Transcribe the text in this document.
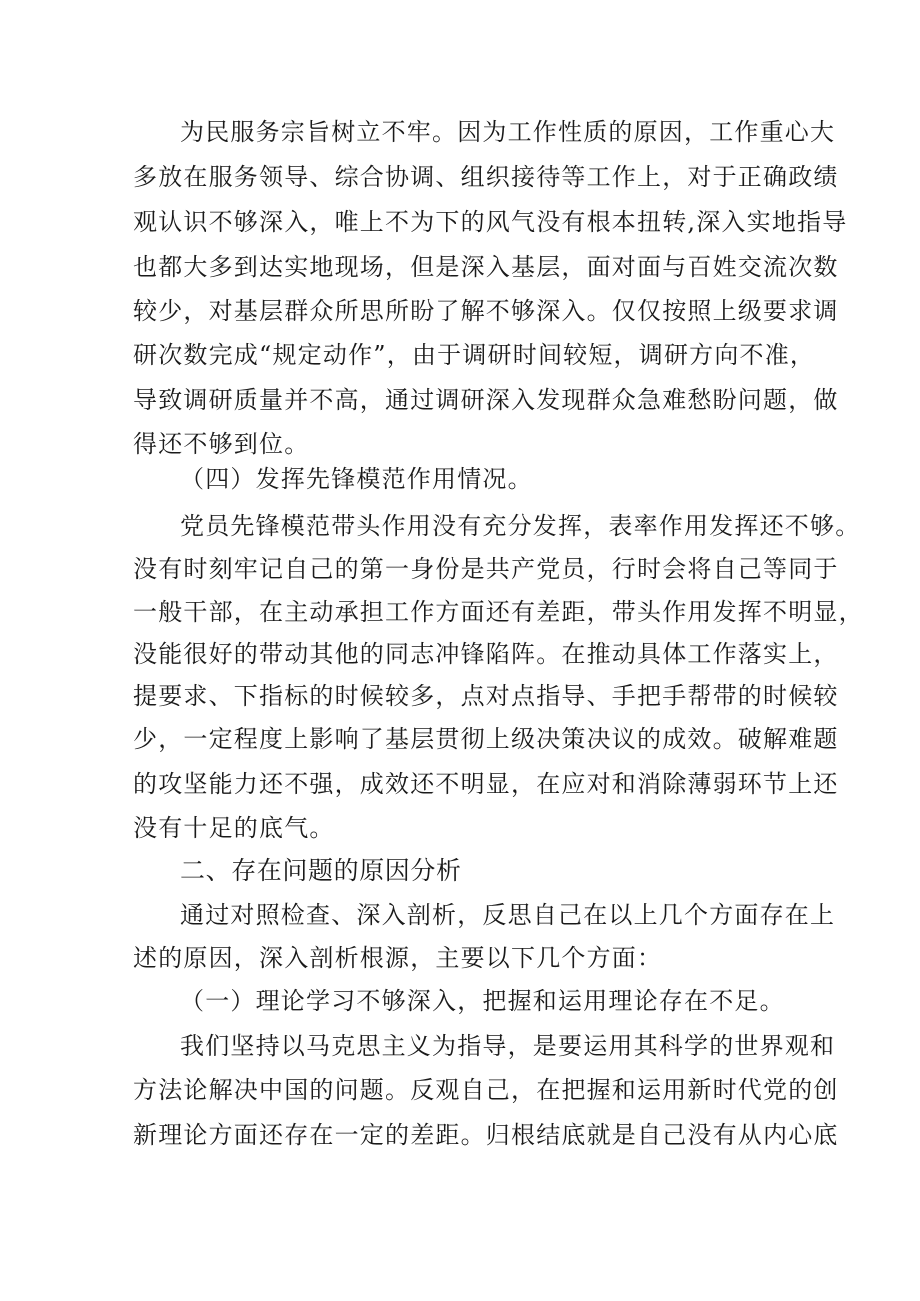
为民服务宗旨树立不牢。因为工作性质的原因，工作重心大
多放在服务领导、综合协调、组织接待等工作上，对于正确政绩
观认识不够深入，唯上不为下的风气没有根本扭转,深入实地指导
也都大多到达实地现场，但是深入基层，面对面与百姓交流次数
较少，对基层群众所思所盼了解不够深入。仅仅按照上级要求调
研次数完成“规定动作”，由于调研时间较短，调研方向不准，
导致调研质量并不高，通过调研深入发现群众急难愁盼问题，做
得还不够到位。
（四）发挥先锋模范作用情况。
党员先锋模范带头作用没有充分发挥，表率作用发挥还不够。
没有时刻牢记自己的第一身份是共产党员，行时会将自己等同于
一般干部，在主动承担工作方面还有差距，带头作用发挥不明显，
没能很好的带动其他的同志冲锋陷阵。在推动具体工作落实上，
提要求、下指标的时候较多，点对点指导、手把手帮带的时候较
少，一定程度上影响了基层贯彻上级决策决议的成效。破解难题
的攻坚能力还不强，成效还不明显，在应对和消除薄弱环节上还
没有十足的底气。
二、存在问题的原因分析
通过对照检查、深入剖析，反思自己在以上几个方面存在上
述的原因，深入剖析根源，主要以下几个方面：
（一）理论学习不够深入，把握和运用理论存在不足。
我们坚持以马克思主义为指导，是要运用其科学的世界观和
方法论解决中国的问题。反观自己，在把握和运用新时代党的创
新理论方面还存在一定的差距。归根结底就是自己没有从内心底
